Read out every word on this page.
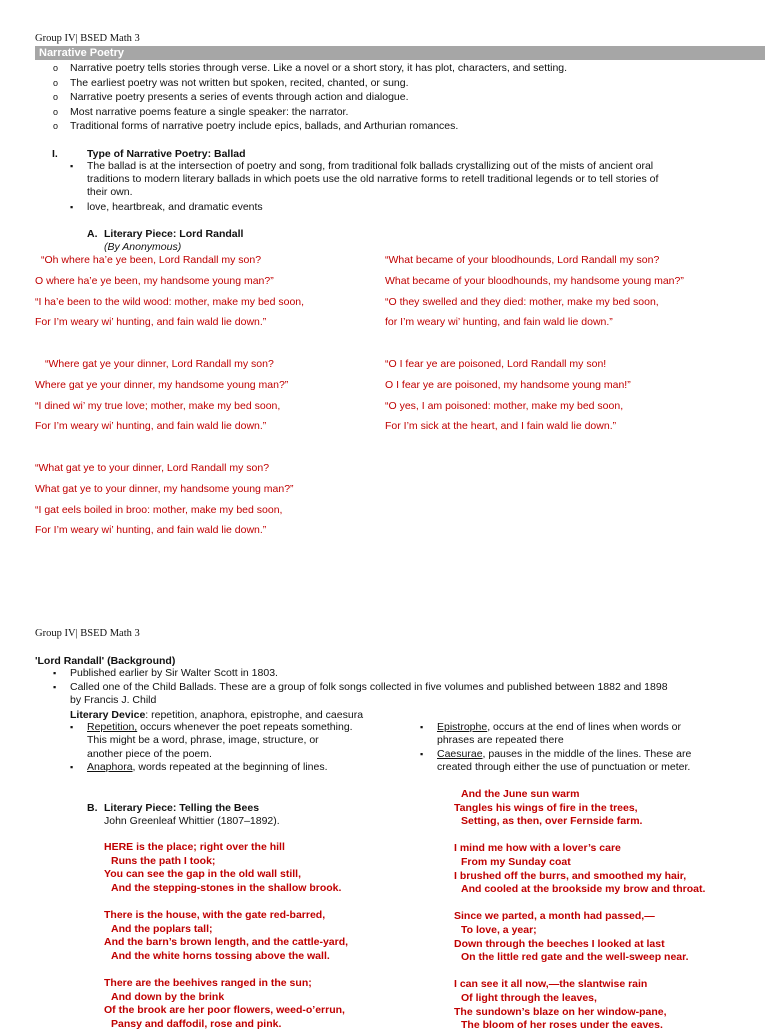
Group IV| BSED Math 3
Narrative Poetry
o Narrative poetry tells stories through verse. Like a novel or a short story, it has plot, characters, and setting.
o The earliest poetry was not written but spoken, recited, chanted, or sung.
o Narrative poetry presents a series of events through action and dialogue.
o Most narrative poems feature a single speaker: the narrator.
o Traditional forms of narrative poetry include epics, ballads, and Arthurian romances.
I.	Type of Narrative Poetry: Ballad
▪ The ballad is at the intersection of poetry and song, from traditional folk ballads crystallizing out of the mists of ancient oral
traditions to modern literary ballads in which poets use the old narrative forms to retell traditional legends or to tell stories of
their own.
▪ love, heartbreak, and dramatic events
A. Literary Piece: Lord Randall
(By Anonymous)
“Oh where ha’e ye been, Lord Randall my son?
O where ha’e ye been, my handsome young man?”
“I ha’e been to the wild wood: mother, make my bed soon,
For I’m weary wi’ hunting, and fain wald lie down.”
“Where gat ye your dinner, Lord Randall my son?
Where gat ye your dinner, my handsome young man?”
“I dined wi’ my true love; mother, make my bed soon,
For I’m weary wi’ hunting, and fain wald lie down.”
“What gat ye to your dinner, Lord Randall my son?
What gat ye to your dinner, my handsome young man?”
“I gat eels boiled in broo: mother, make my bed soon,
For I’m weary wi’ hunting, and fain wald lie down.”
“What became of your bloodhounds, Lord Randall my son?
What became of your bloodhounds, my handsome young man?”
“O they swelled and they died: mother, make my bed soon,
for I’m weary wi’ hunting, and fain wald lie down.”
“O I fear ye are poisoned, Lord Randall my son!
O I fear ye are poisoned, my handsome young man!”
“O yes, I am poisoned: mother, make my bed soon,
For I’m sick at the heart, and I fain wald lie down.”
Group IV| BSED Math 3
'Lord Randall' (Background)
▪ Published earlier by Sir Walter Scott in 1803.
▪ Called one of the Child Ballads. These are a group of folk songs collected in five volumes and published between 1882 and 1898
by Francis J. Child
Literary Device: repetition, anaphora, epistrophe, and caesura
▪ Repetition, occurs whenever the poet repeats something.
This might be a word, phrase, image, structure, or
another piece of the poem.
▪ Anaphora, words repeated at the beginning of lines.
▪ Epistrophe, occurs at the end of lines when words or
phrases are repeated there
▪ Caesurae, pauses in the middle of the lines. These are
created through either the use of punctuation or meter.
B. Literary Piece: Telling the Bees
John Greenleaf Whittier (1807–1892).
HERE is the place; right over the hill
Runs the path I took;
You can see the gap in the old wall still,
And the stepping-stones in the shallow brook.
There is the house, with the gate red-barred,
And the poplars tall;
And the barn’s brown length, and the cattle-yard,
And the white horns tossing above the wall.
There are the beehives ranged in the sun;
And down by the brink
Of the brook are her poor flowers, weed-o’errun,
Pansy and daffodil, rose and pink.
And the June sun warm
Tangles his wings of fire in the trees,
Setting, as then, over Fernside farm.
I mind me how with a lover’s care
From my Sunday coat
I brushed off the burrs, and smoothed my hair,
And cooled at the brookside my brow and throat.
Since we parted, a month had passed,—
To love, a year;
Down through the beeches I looked at last
On the little red gate and the well-sweep near.
I can see it all now,—the slantwise rain
Of light through the leaves,
The sundown’s blaze on her window-pane,
The bloom of her roses under the eaves.
